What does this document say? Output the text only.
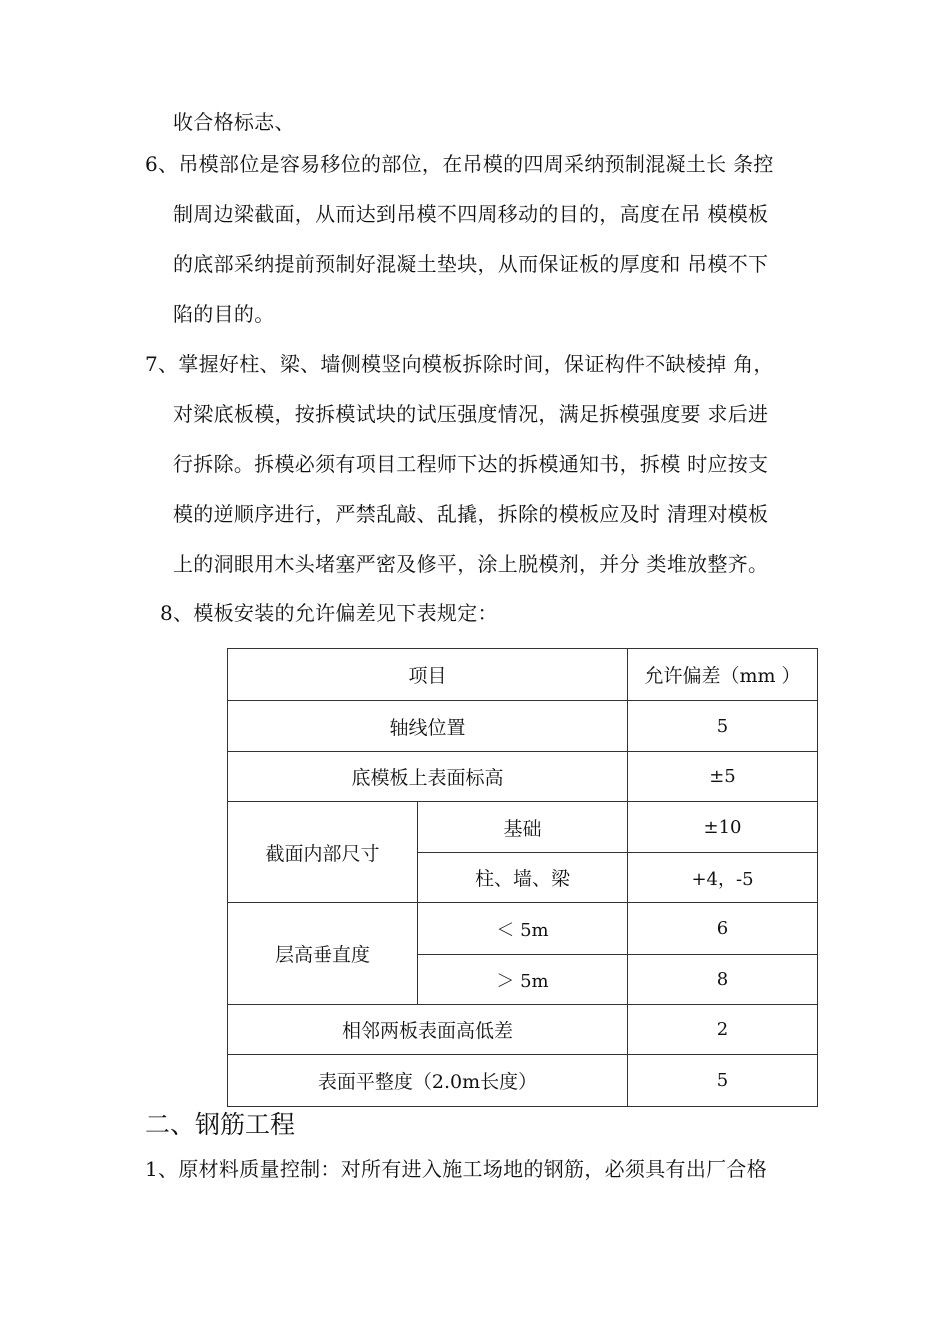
收合格标志、
6、吊模部位是容易移位的部位，在吊模的四周采纳预制混凝土长 条控
制周边梁截面，从而达到吊模不四周移动的目的，高度在吊 模模板
的底部采纳提前预制好混凝土垫块，从而保证板的厚度和 吊模不下
陷的目的。
7、掌握好柱、梁、墙侧模竖向模板拆除时间，保证构件不缺棱掉 角，
对梁底板模，按拆模试块的试压强度情况，满足拆模强度要 求后进
行拆除。拆模必须有项目工程师下达的拆模通知书，拆模 时应按支
模的逆顺序进行，严禁乱敲、乱撬，拆除的模板应及时 清理对模板
上的洞眼用木头堵塞严密及修平，涂上脱模剂，并分 类堆放整齐。
8、模板安装的允许偏差见下表规定：
项目		允许偏差（mm ）
轴线位置		5
底模板上表面标高		±5
截面内部尺寸	基础	±10
	柱、墙、梁	+4，-5
层高垂直度	＜ 5m	6
	＞ 5m	8
相邻两板表面高低差		2
表面平整度（2.0m长度）		5
二、钢筋工程
1、原材料质量控制：对所有进入施工场地的钢筋，必须具有出厂合格
